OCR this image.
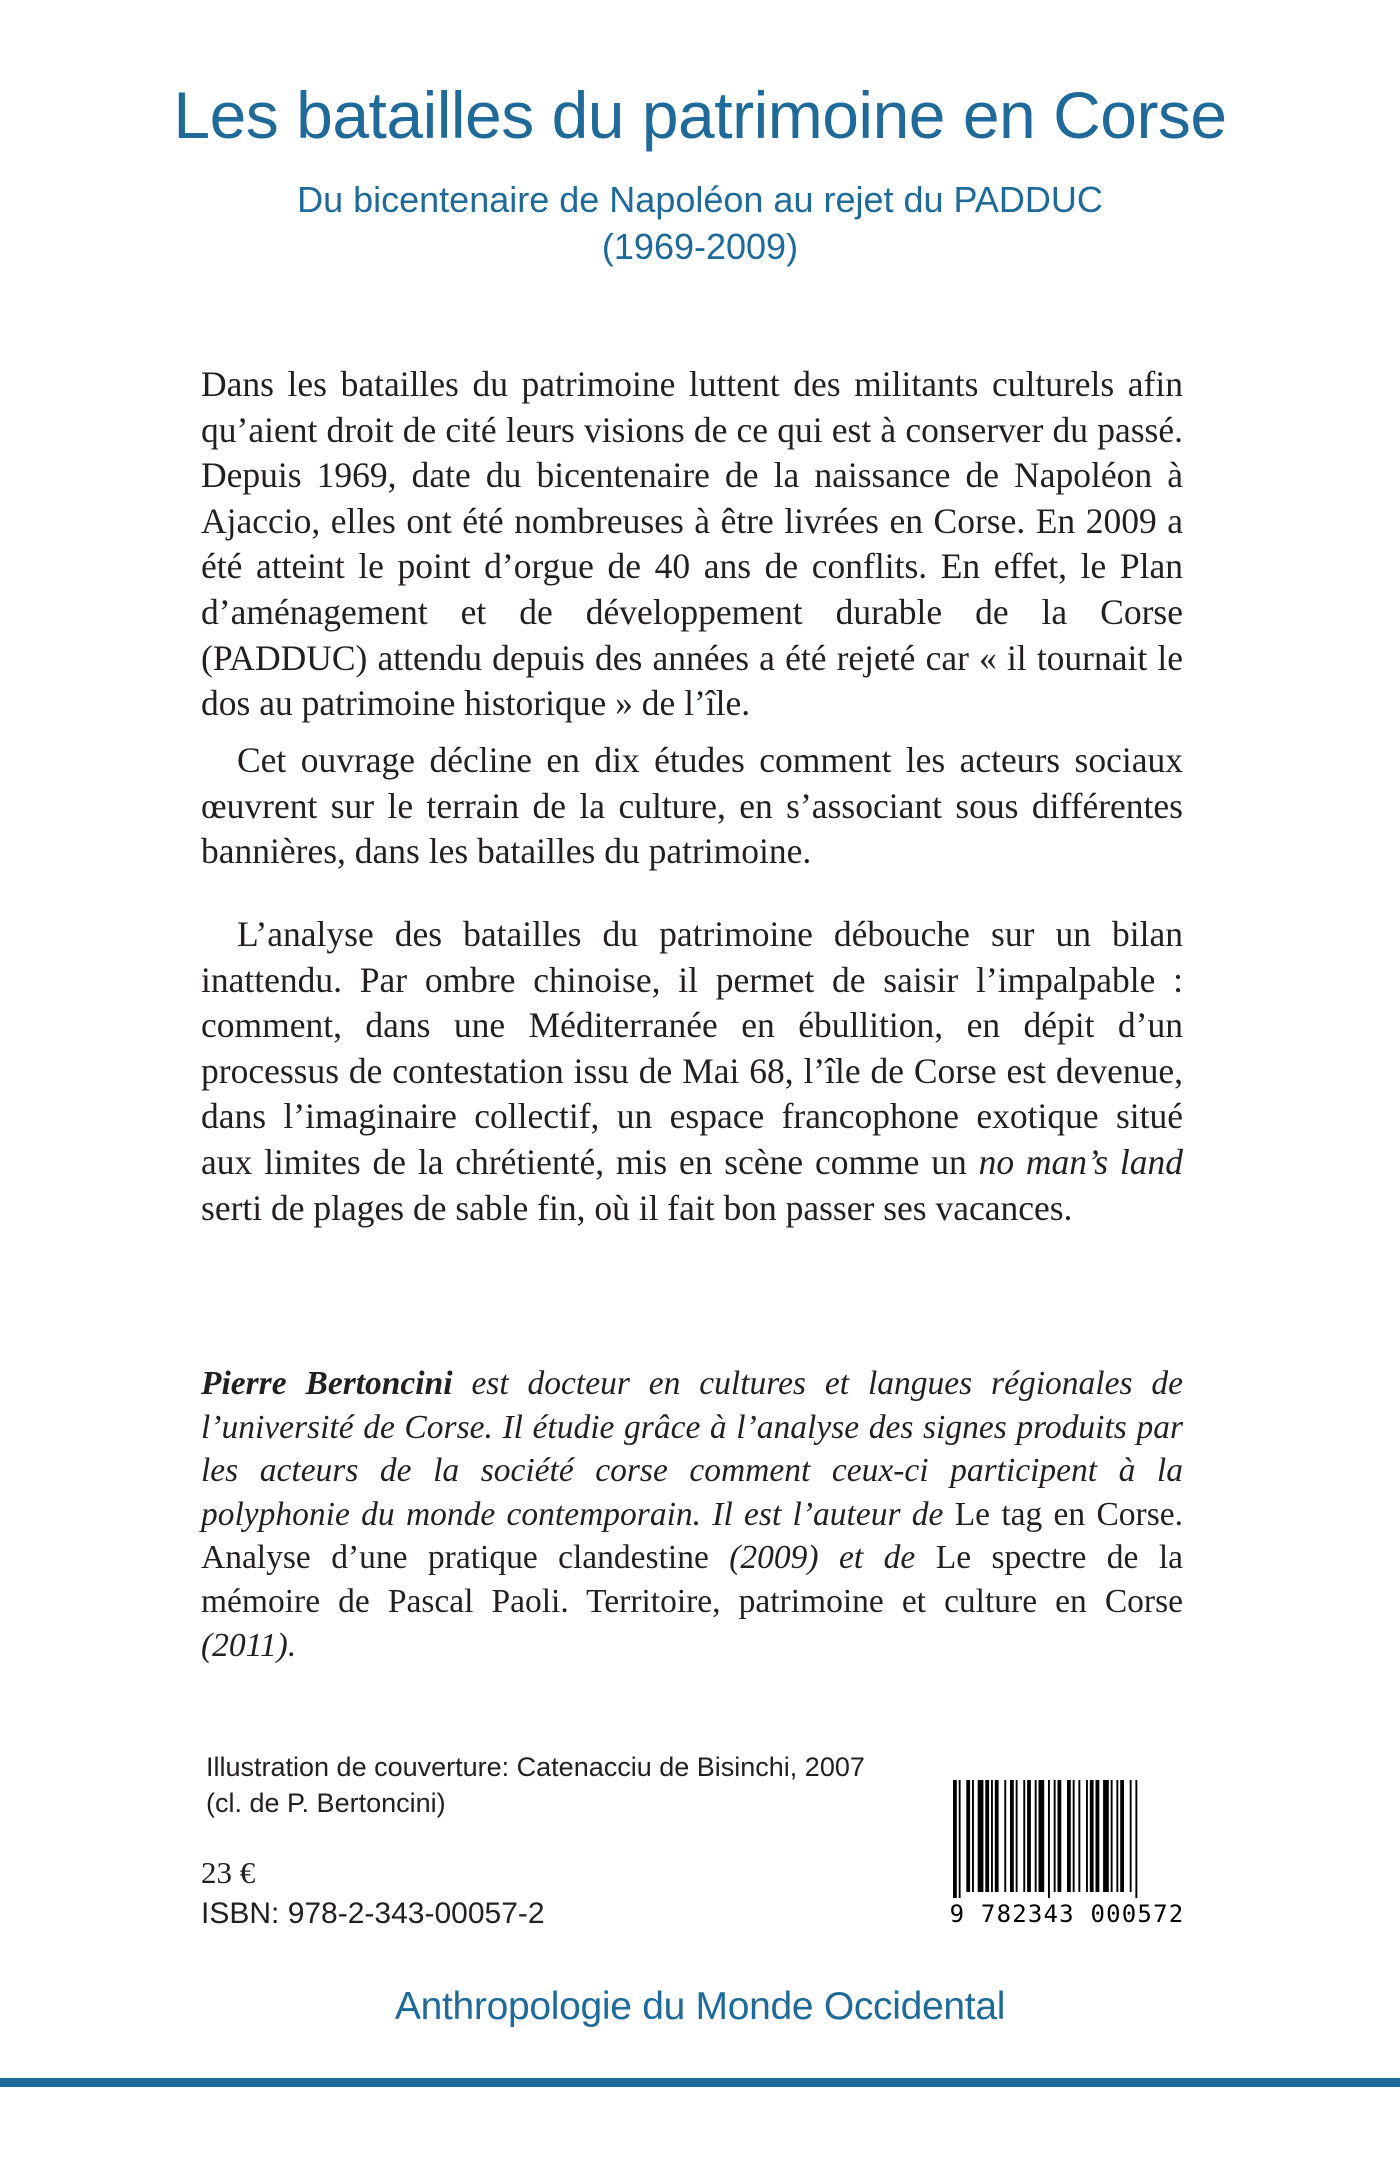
Les batailles du patrimoine en Corse
Du bicentenaire de Napoléon au rejet du PADDUC
(1969-2009)

Dans les batailles du patrimoine luttent des militants culturels afin qu’aient droit de cité leurs visions de ce qui est à conserver du passé. Depuis 1969, date du bicentenaire de la naissance de Napoléon à Ajaccio, elles ont été nombreuses à être livrées en Corse. En 2009 a été atteint le point d’orgue de 40 ans de conflits. En effet, le Plan d’aménagement et de développement durable de la Corse (PADDUC) attendu depuis des années a été rejeté car « il tournait le dos au patrimoine historique » de l’île.

Cet ouvrage décline en dix études comment les acteurs sociaux œuvrent sur le terrain de la culture, en s’associant sous différentes bannières, dans les batailles du patrimoine.

L’analyse des batailles du patrimoine débouche sur un bilan inattendu. Par ombre chinoise, il permet de saisir l’impalpable : comment, dans une Méditerranée en ébullition, en dépit d’un processus de contestation issu de Mai 68, l’île de Corse est devenue, dans l’imaginaire collectif, un espace francophone exotique situé aux limites de la chrétienté, mis en scène comme un no man’s land serti de plages de sable fin, où il fait bon passer ses vacances.

Pierre Bertoncini est docteur en cultures et langues régionales de l’université de Corse. Il étudie grâce à l’analyse des signes produits par les acteurs de la société corse comment ceux-ci participent à la polyphonie du monde contemporain. Il est l’auteur de Le tag en Corse. Analyse d’une pratique clandestine (2009) et de Le spectre de la mémoire de Pascal Paoli. Territoire, patrimoine et culture en Corse (2011).
Illustration de couverture: Catenacciu de Bisinchi, 2007
(cl. de P. Bertoncini)
23 €
ISBN: 978-2-343-00057-2	9 782343 000572
Anthropologie du Monde Occidental
